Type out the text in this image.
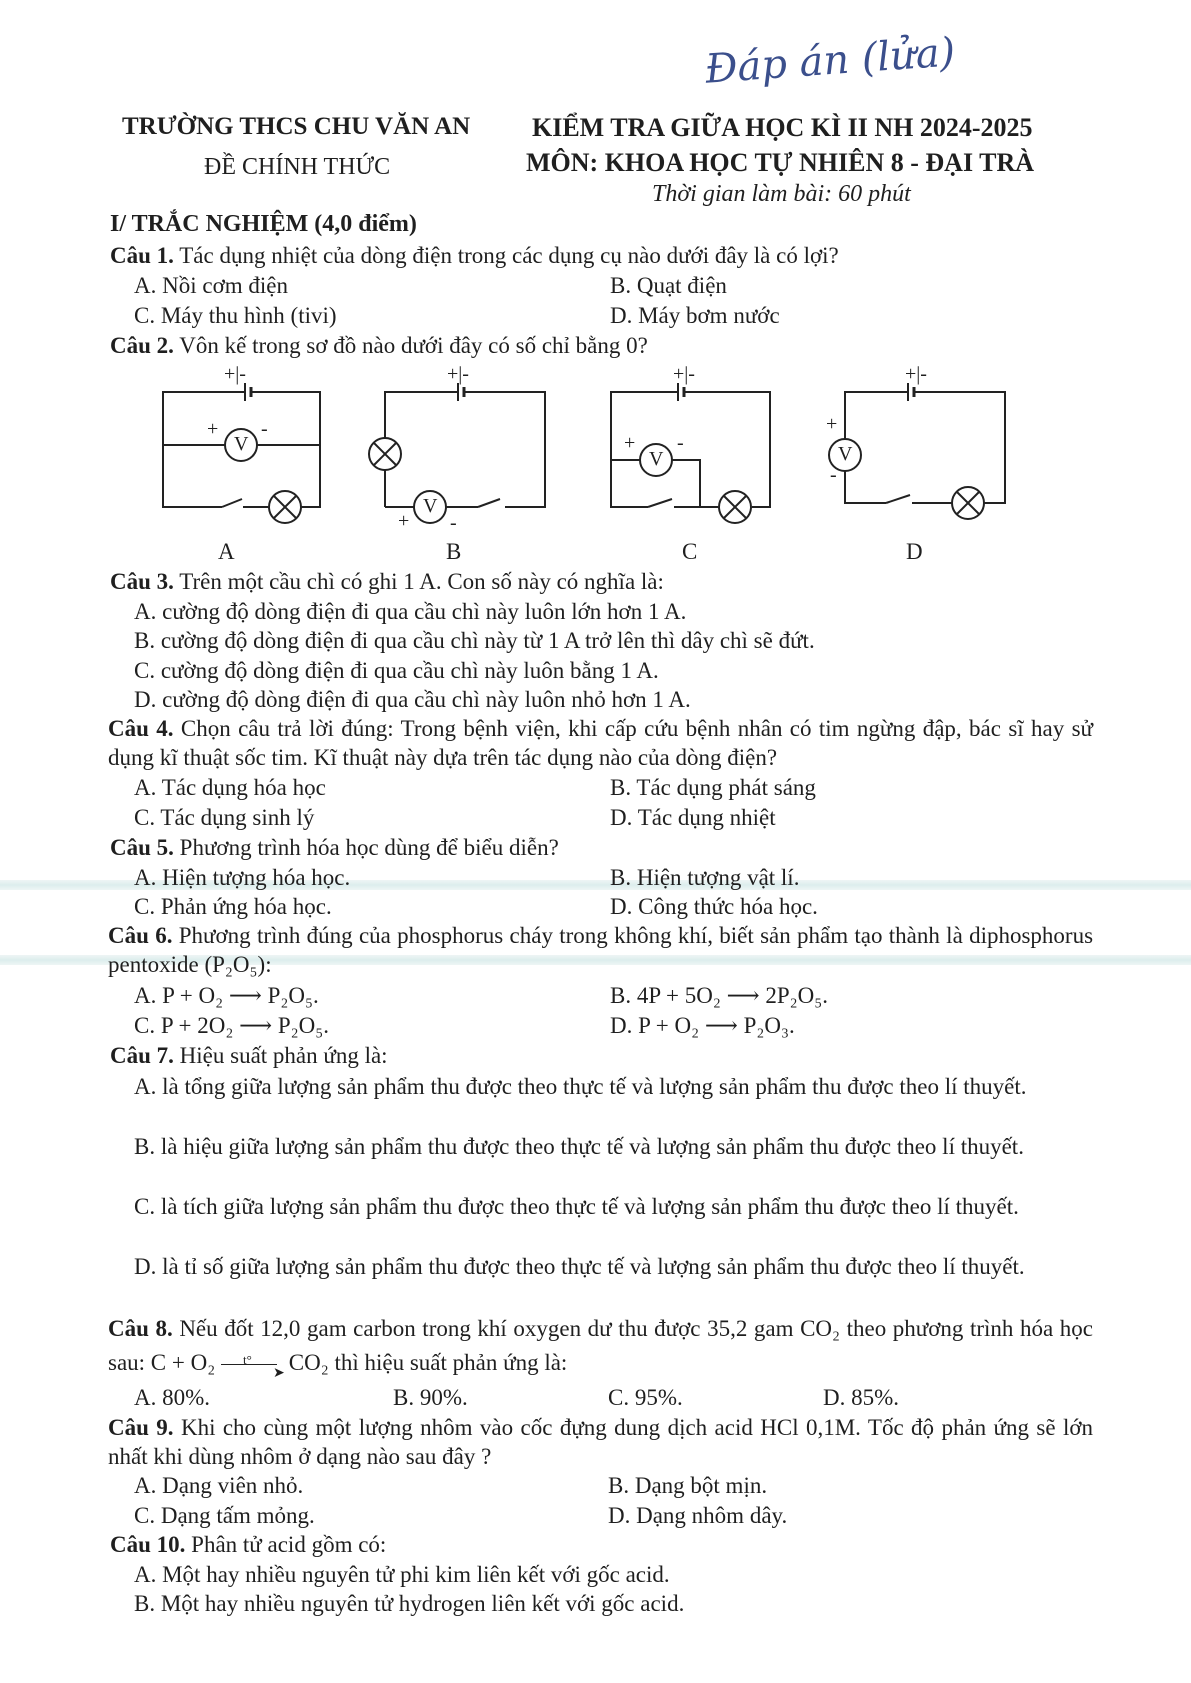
Đáp án (lửa)
TRƯỜNG THCS CHU VĂN AN
ĐỀ CHÍNH THỨC
KIỂM TRA GIỮA HỌC KÌ II NH 2024-2025
MÔN: KHOA HỌC TỰ NHIÊN 8 - ĐẠI TRÀ
Thời gian làm bài: 60 phút
I/ TRẮC NGHIỆM (4,0 điểm)
Câu 1. Tác dụng nhiệt của dòng điện trong các dụng cụ nào dưới đây là có lợi?
A. Nồi cơm điện	B. Quạt điện
C. Máy thu hình (tivi)	D. Máy bơm nước
Câu 2. Vôn kế trong sơ đồ nào dưới đây có số chỉ bằng 0?
+|-	+|-	+|-	+|-
V
V
V	V
+ -
+ -
+ -
+
-
A	B	C	D
Câu 3. Trên một cầu chì có ghi 1 A. Con số này có nghĩa là:
A. cường độ dòng điện đi qua cầu chì này luôn lớn hơn 1 A.
B. cường độ dòng điện đi qua cầu chì này từ 1 A trở lên thì dây chì sẽ đứt.
C. cường độ dòng điện đi qua cầu chì này luôn bằng 1 A.
D. cường độ dòng điện đi qua cầu chì này luôn nhỏ hơn 1 A.
Câu 4. Chọn câu trả lời đúng: Trong bệnh viện, khi cấp cứu bệnh nhân có tim ngừng đập, bác sĩ hay sử dụng kĩ thuật sốc tim. Kĩ thuật này dựa trên tác dụng nào của dòng điện?
A. Tác dụng hóa học	B. Tác dụng phát sáng
C. Tác dụng sinh lý	D. Tác dụng nhiệt
Câu 5. Phương trình hóa học dùng để biểu diễn?
A. Hiện tượng hóa học.	B. Hiện tượng vật lí.
C. Phản ứng hóa học.	D. Công thức hóa học.
Câu 6. Phương trình đúng của phosphorus cháy trong không khí, biết sản phẩm tạo thành là diphosphorus pentoxide (P₂O₅):
A. P + O₂ ⟶ P₂O₅.	B. 4P + 5O₂ ⟶ 2P₂O₅.
C. P + 2O₂ ⟶ P₂O₅.	D. P + O₂ ⟶ P₂O₃.
Câu 7. Hiệu suất phản ứng là:
A. là tổng giữa lượng sản phẩm thu được theo thực tế và lượng sản phẩm thu được theo lí thuyết.
B. là hiệu giữa lượng sản phẩm thu được theo thực tế và lượng sản phẩm thu được theo lí thuyết.
C. là tích giữa lượng sản phẩm thu được theo thực tế và lượng sản phẩm thu được theo lí thuyết.
D. là tỉ số giữa lượng sản phẩm thu được theo thực tế và lượng sản phẩm thu được theo lí thuyết.
Câu 8. Nếu đốt 12,0 gam carbon trong khí oxygen dư thu được 35,2 gam CO₂ theo phương trình hóa học sau: C + O₂ t°
➤ CO₂ thì hiệu suất phản ứng là:
A. 80%.	B. 90%.	C. 95%.	D. 85%.
Câu 9. Khi cho cùng một lượng nhôm vào cốc đựng dung dịch acid HCl 0,1M. Tốc độ phản ứng sẽ lớn nhất khi dùng nhôm ở dạng nào sau đây ?
A. Dạng viên nhỏ.	B. Dạng bột mịn.
C. Dạng tấm mỏng.	D. Dạng nhôm dây.
Câu 10. Phân tử acid gồm có:
A. Một hay nhiều nguyên tử phi kim liên kết với gốc acid.
B. Một hay nhiều nguyên tử hydrogen liên kết với gốc acid.
